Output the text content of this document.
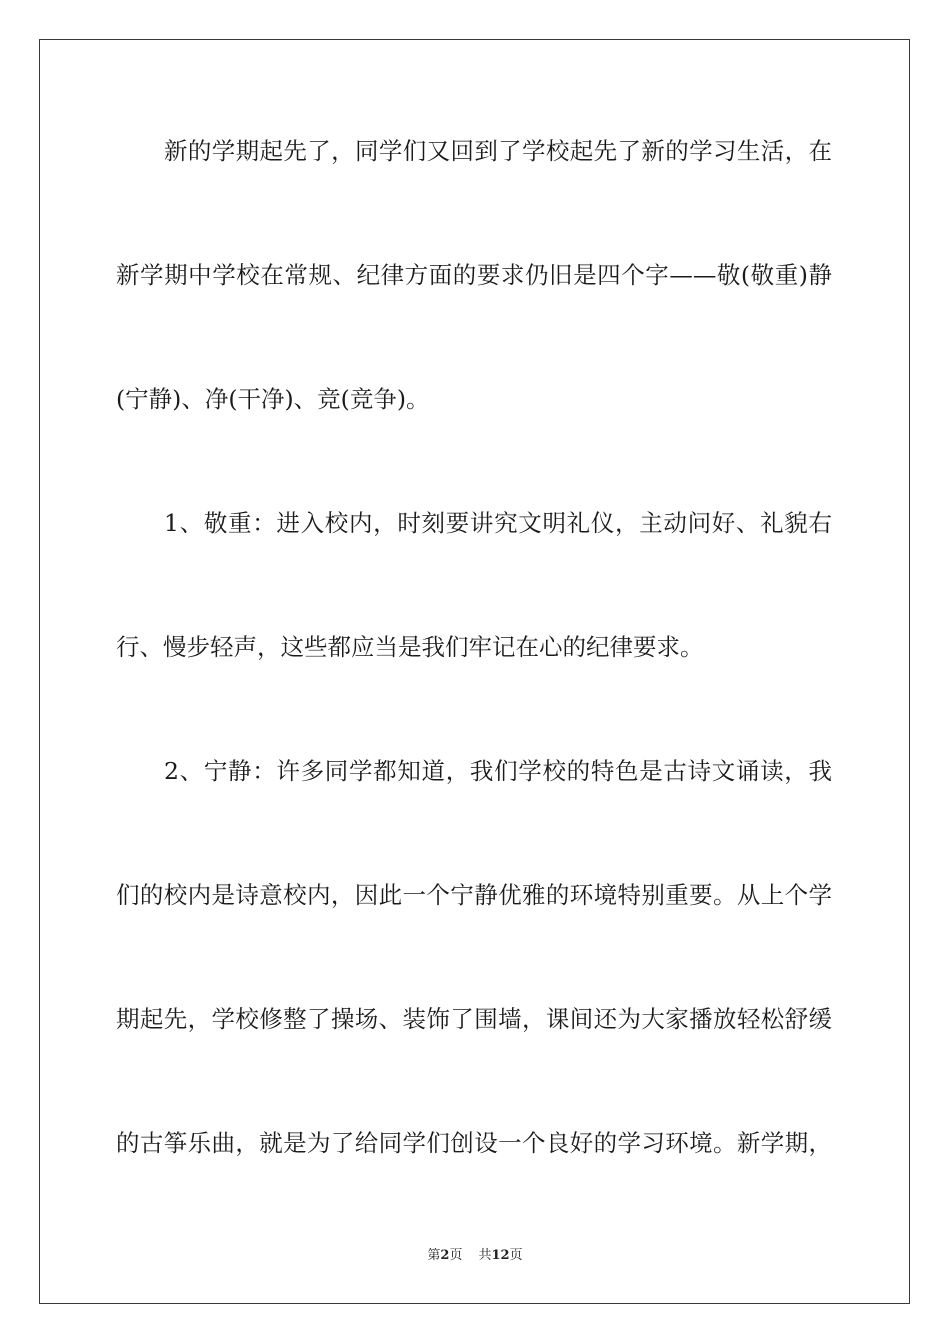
新的学期起先了，同学们又回到了学校起先了新的学习生活，在
新学期中学校在常规、纪律方面的要求仍旧是四个字——敬(敬重)静
(宁静)、净(干净)、竞(竞争)。
1、敬重：进入校内，时刻要讲究文明礼仪，主动问好、礼貌右
行、慢步轻声，这些都应当是我们牢记在心的纪律要求。
2、宁静：许多同学都知道，我们学校的特色是古诗文诵读，我
们的校内是诗意校内，因此一个宁静优雅的环境特别重要。从上个学
期起先，学校修整了操场、装饰了围墙，课间还为大家播放轻松舒缓
的古筝乐曲，就是为了给同学们创设一个良好的学习环境。新学期，
第2页 共12页
